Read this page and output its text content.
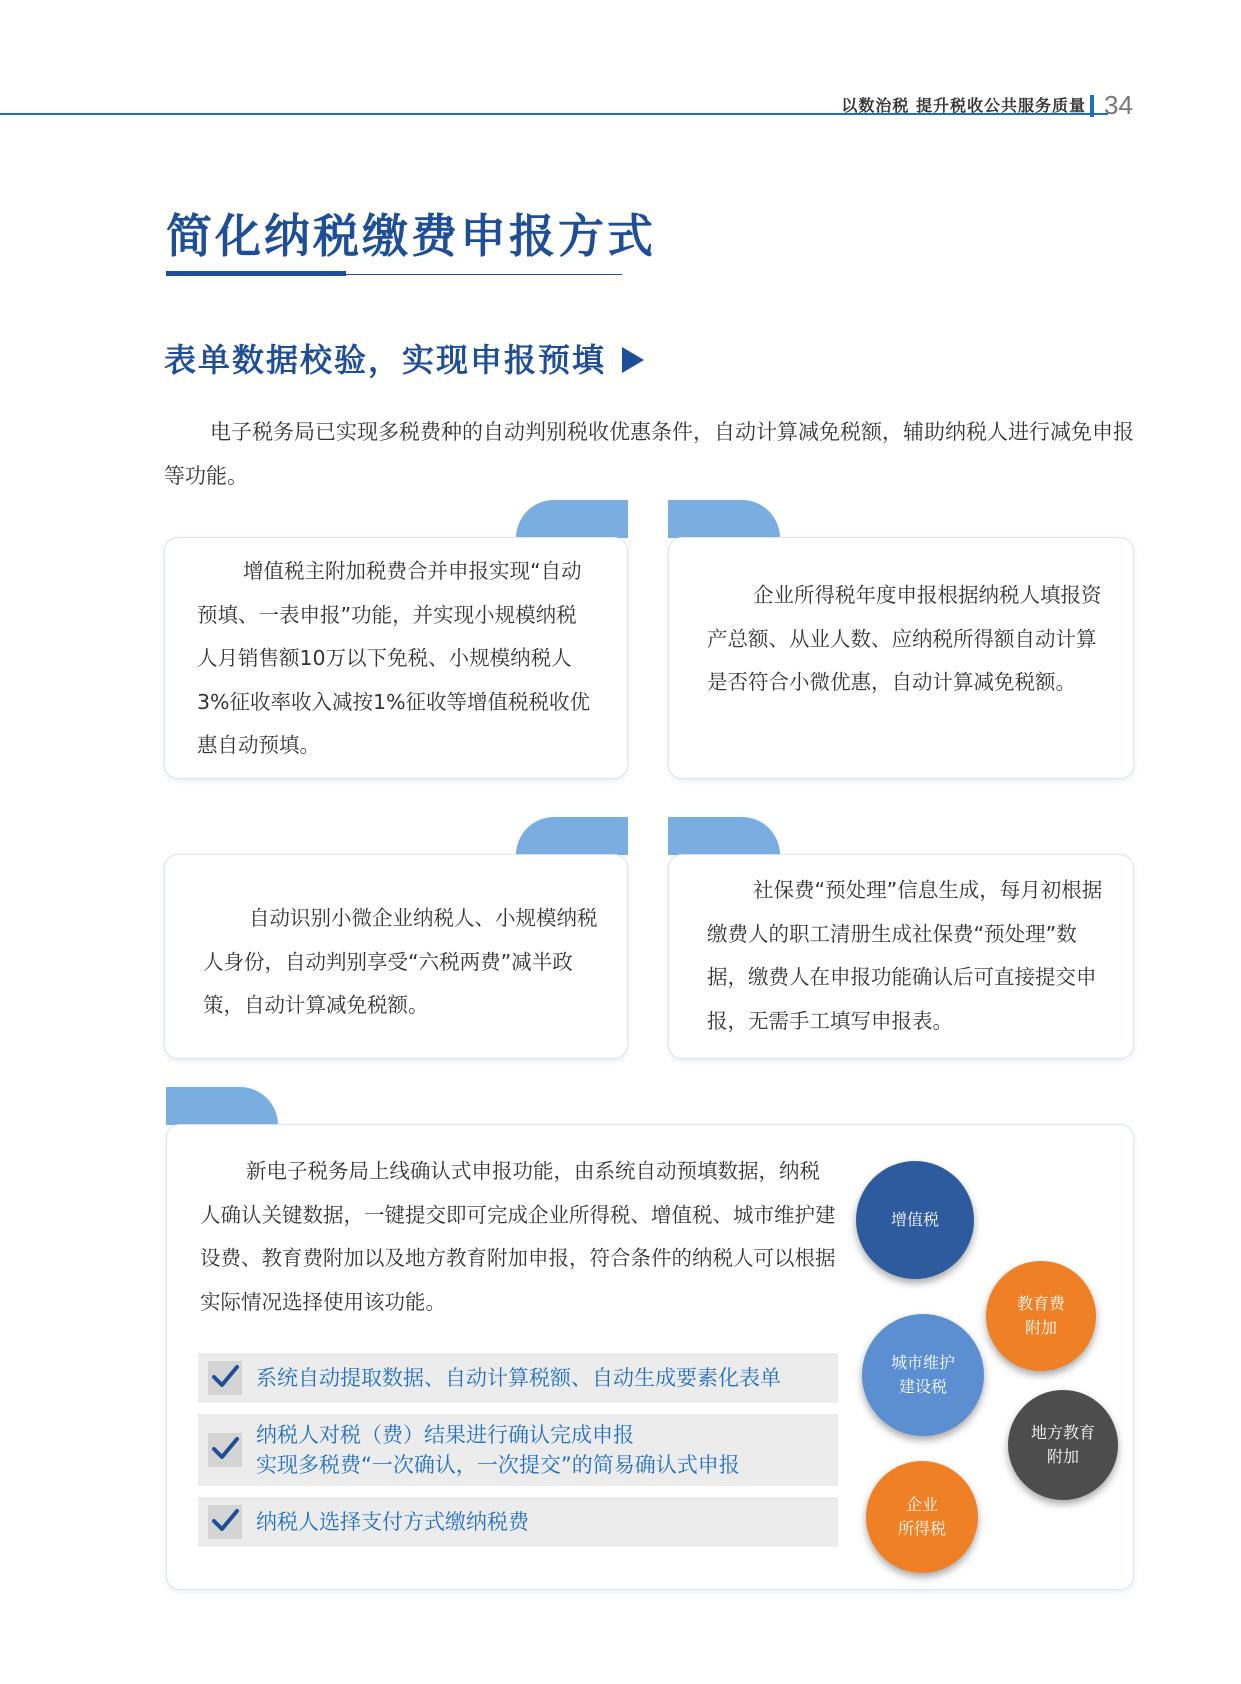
以数治税 提升税收公共服务质量 34
简化纳税缴费申报方式
表单数据校验，实现申报预填
电子税务局已实现多税费种的自动判别税收优惠条件，自动计算减免税额，辅助纳税人进行减免申报等功能。
增值税主附加税费合并申报实现“自动预填、一表申报”功能，并实现小规模纳税人月销售额10万以下免税、小规模纳税人3%征收率收入减按1%征收等增值税税收优惠自动预填。
企业所得税年度申报根据纳税人填报资产总额、从业人数、应纳税所得额自动计算是否符合小微优惠，自动计算减免税额。
自动识别小微企业纳税人、小规模纳税人身份，自动判别享受“六税两费”减半政策，自动计算减免税额。
社保费“预处理”信息生成，每月初根据缴费人的职工清册生成社保费“预处理”数据，缴费人在申报功能确认后可直接提交申报，无需手工填写申报表。
新电子税务局上线确认式申报功能，由系统自动预填数据，纳税人确认关键数据，一键提交即可完成企业所得税、增值税、城市维护建设费、教育费附加以及地方教育附加申报，符合条件的纳税人可以根据实际情况选择使用该功能。
系统自动提取数据、自动计算税额、自动生成要素化表单
纳税人对税（费）结果进行确认完成申报
实现多税费“一次确认，一次提交”的简易确认式申报
纳税人选择支付方式缴纳税费
增值税
教育费
附加
城市维护
建设税
地方教育
附加
企业
所得税
